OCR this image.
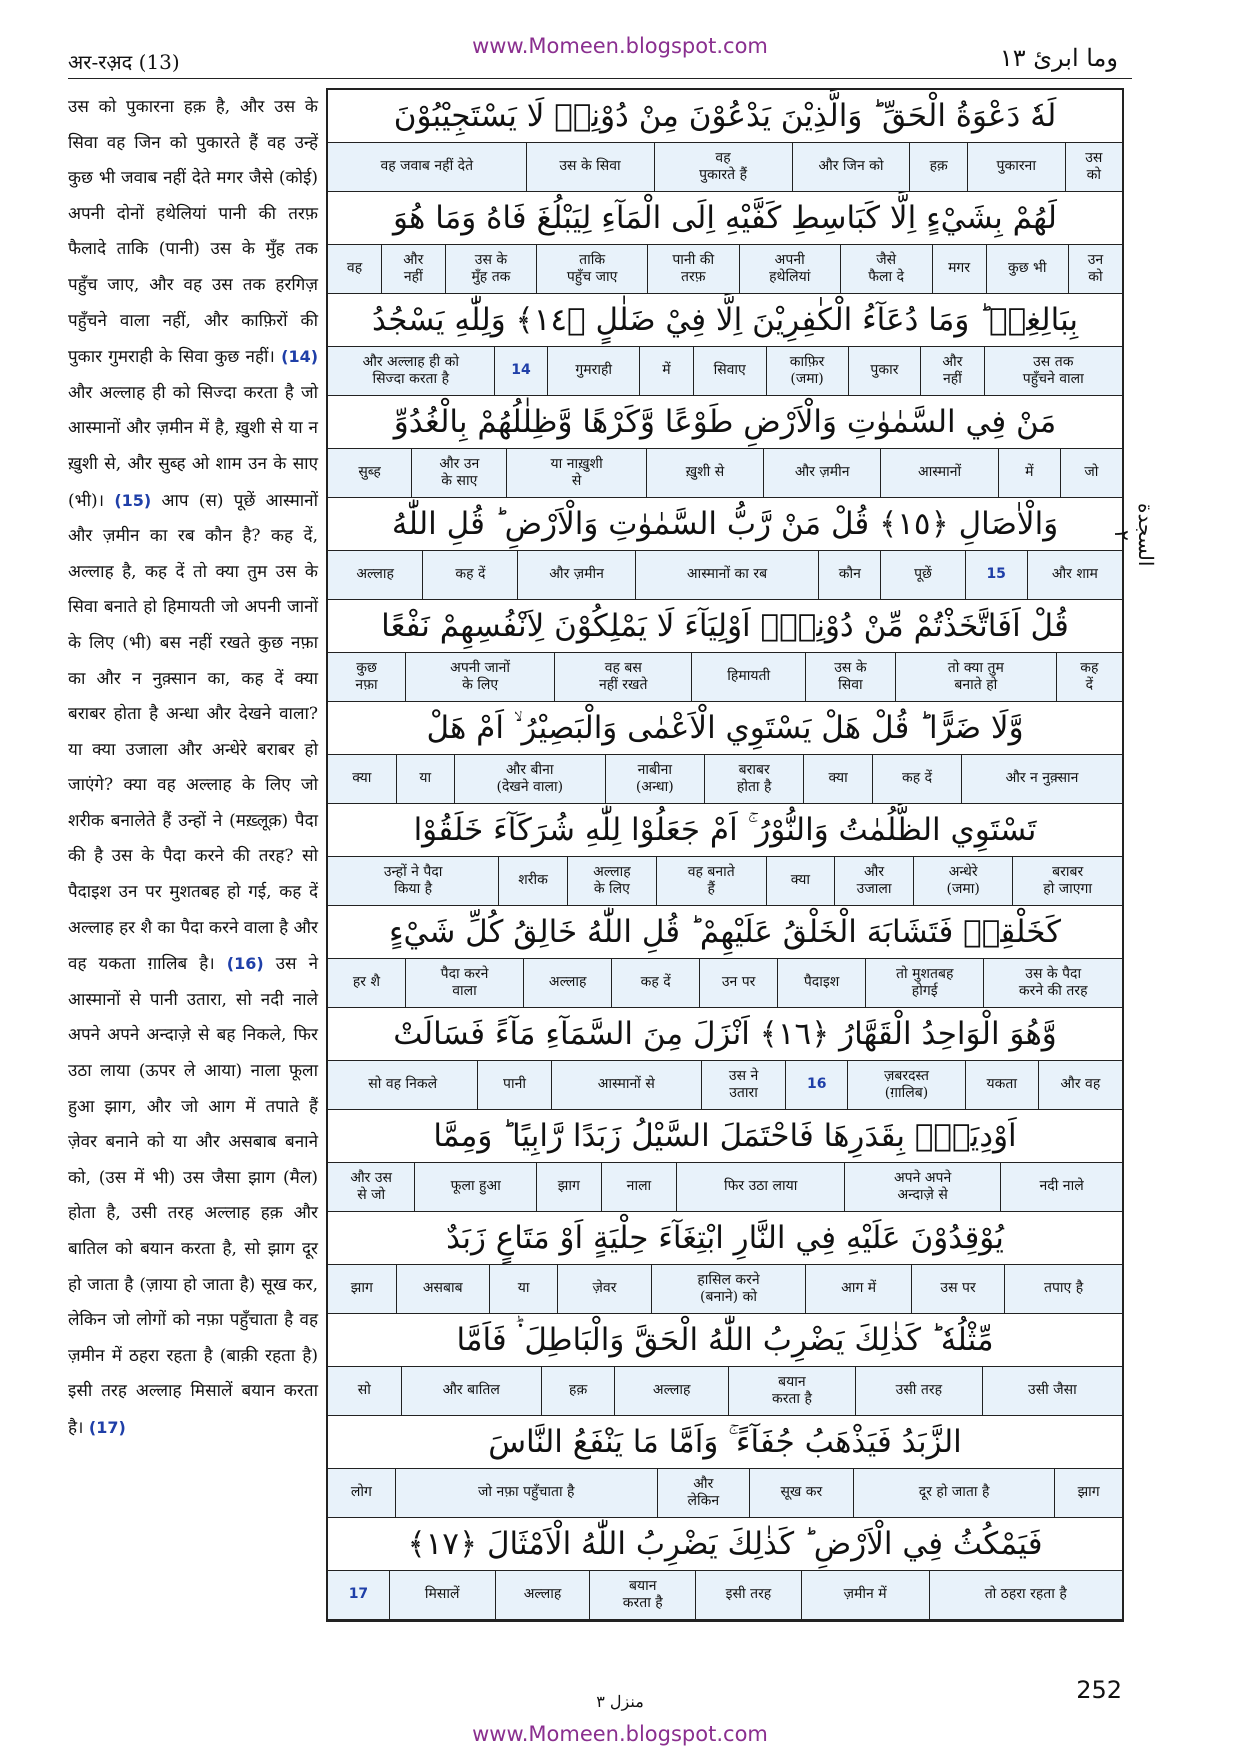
www.Momeen.blogspot.com
अर-रअ़द (13)	وما ابرئ ١٣

उस को पुकारना हक़ है, और उस के सिवा वह जिन को पुकारते हैं वह उन्हें कुछ भी जवाब नहीं देते मगर जैसे (कोई) अपनी दोनों हथेलियां पानी की तरफ़ फैलादे ताकि (पानी) उस के मुँह तक पहुँच जाए, और वह उस तक हरगिज़ पहुँचने वाला नहीं, और काफ़िरों की पुकार गुमराही के सिवा कुछ नहीं। (14) और अल्लाह ही को सिज्दा करता है जो आस्मानों और ज़मीन में है, ख़ुशी से या न ख़ुशी से, और सुब्ह ओ शाम उन के साए (भी)। (15) आप (स) पूछें आस्मानों और ज़मीन का रब कौन है? कह दें, अल्लाह है, कह दें तो क्या तुम उस के सिवा बनाते हो हिमायती जो अपनी जानों के लिए (भी) बस नहीं रखते कुछ नफ़ा का और न नुक़्सान का, कह दें क्या बराबर होता है अन्धा और देखने वाला? या क्या उजाला और अन्धेरे बराबर हो जाएंगे? क्या वह अल्लाह के लिए जो शरीक बनालेते हैं उन्हों ने (मख़्लूक़) पैदा की है उस के पैदा करने की तरह? सो पैदाइश उन पर मुशतबह हो गई, कह दें अल्लाह हर शै का पैदा करने वाला है और वह यकता ग़ालिब है। (16) उस ने आस्मानों से पानी उतारा, सो नदी नाले अपने अपने अन्दाज़े से बह निकले, फिर उठा लाया (ऊपर ले आया) नाला फूला हुआ झाग, और जो आग में तपाते हैं ज़ेवर बनाने को या और असबाब बनाने को, (उस में भी) उस जैसा झाग (मैल) होता है, उसी तरह अल्लाह हक़ और बातिल को बयान करता है, सो झाग दूर हो जाता है (ज़ाया हो जाता है) सूख कर, लेकिन जो लोगों को नफ़ा पहुँचाता है वह ज़मीन में ठहरा रहता है (बाक़ी रहता है) इसी तरह अल्लाह मिसालें बयान करता है। (17)

لَهٗ دَعْوَةُ الْحَقِّ ؕ وَالَّذِيْنَ يَدْعُوْنَ مِنْ دُوْنِهٖ لَا يَسْتَجِيْبُوْنَ
उस
को
पुकारना
हक़
और जिन को
वह
पुकारते हैं
उस के सिवा
वह जवाब नहीं देते
لَهُمْ بِشَيْءٍ اِلَّا كَبَاسِطِ كَفَّيْهِ اِلَى الْمَآءِ لِيَبْلُغَ فَاهُ وَمَا هُوَ
उन
को
कुछ भी
मगर
जैसे
फैला दे
अपनी
हथेलियां
पानी की
तरफ़
ताकि
पहुँच जाए
उस के
मुँह तक
और
नहीं
वह
بِبَالِغِهٖ ؕ وَمَا دُعَآءُ الْكٰفِرِيْنَ اِلَّا فِيْ ضَلٰلٍ ﴿١٤﴾ وَلِلّٰهِ يَسْجُدُ
उस तक
पहुँचने वाला
और
नहीं
पुकार
काफ़िर
(जमा)
सिवाए
में
गुमराही
14
और अल्लाह ही को
सिज्दा करता है
مَنْ فِي السَّمٰوٰتِ وَالْاَرْضِ طَوْعًا وَّكَرْهًا وَّظِلٰلُهُمْ بِالْغُدُوِّ
जो
में
आस्मानों
और ज़मीन
ख़ुशी से
या नाख़ुशी
से
और उन
के साए
सुब्ह
وَالْاٰصَالِ ﴿١٥﴾ قُلْ مَنْ رَّبُّ السَّمٰوٰتِ وَالْاَرْضِ ؕ قُلِ اللّٰهُ
और शाम
15
पूछें
कौन
आस्मानों का रब
और ज़मीन
कह दें
अल्लाह
قُلْ اَفَاتَّخَذْتُمْ مِّنْ دُوْنِهٖۤ اَوْلِيَآءَ لَا يَمْلِكُوْنَ لِاَنْفُسِهِمْ نَفْعًا
कह
दें
तो क्या तुम
बनाते हो
उस के
सिवा
हिमायती
वह बस
नहीं रखते
अपनी जानों
के लिए
कुछ
नफ़ा
وَّلَا ضَرًّا ؕ قُلْ هَلْ يَسْتَوِي الْاَعْمٰى وَالْبَصِيْرُ ۙ اَمْ هَلْ
और न नुक़्सान
कह दें
क्या
बराबर
होता है
नाबीना
(अन्धा)
और बीना
(देखने वाला)
या
क्या
تَسْتَوِي الظُّلُمٰتُ وَالنُّوْرُ ۚ اَمْ جَعَلُوْا لِلّٰهِ شُرَكَآءَ خَلَقُوْا
बराबर
हो जाएगा
अन्धेरे
(जमा)
और
उजाला
क्या
वह बनाते
हैं
अल्लाह
के लिए
शरीक
उन्हों ने पैदा
किया है
كَخَلْقِهٖ فَتَشَابَهَ الْخَلْقُ عَلَيْهِمْ ؕ قُلِ اللّٰهُ خَالِقُ كُلِّ شَيْءٍ
उस के पैदा
करने की तरह
तो मुशतबह
होगई
पैदाइश
उन पर
कह दें
अल्लाह
पैदा करने
वाला
हर शै
وَّهُوَ الْوَاحِدُ الْقَهَّارُ ﴿١٦﴾ اَنْزَلَ مِنَ السَّمَآءِ مَآءً فَسَالَتْ
और वह
यकता
ज़बरदस्त
(ग़ालिब)
16
उस ने
उतारा
आस्मानों से
पानी
सो वह निकले
اَوْدِيَةٌۢ بِقَدَرِهَا فَاحْتَمَلَ السَّيْلُ زَبَدًا رَّابِيًا ؕ وَمِمَّا
नदी नाले
अपने अपने
अन्दाज़े से
फिर उठा लाया
नाला
झाग
फूला हुआ
और उस
से जो
يُوْقِدُوْنَ عَلَيْهِ فِي النَّارِ ابْتِغَآءَ حِلْيَةٍ اَوْ مَتَاعٍ زَبَدٌ
तपाए है
उस पर
आग में
हासिल करने
(बनाने) को
ज़ेवर
या
असबाब
झाग
مِّثْلُهٗ ؕ كَذٰلِكَ يَضْرِبُ اللّٰهُ الْحَقَّ وَالْبَاطِلَ ۬ؕ فَاَمَّا
उसी जैसा
उसी तरह
बयान
करता है
अल्लाह
हक़
और बातिल
सो
الزَّبَدُ فَيَذْهَبُ جُفَآءً ۚ وَاَمَّا مَا يَنْفَعُ النَّاسَ
झाग
दूर हो जाता है
सूख कर
और
लेकिन
जो नफ़ा पहुँचाता है
लोग
فَيَمْكُثُ فِي الْاَرْضِ ؕ كَذٰلِكَ يَضْرِبُ اللّٰهُ الْاَمْثَالَ ﴿١٧﴾
तो ठहरा रहता है
ज़मीन में
इसी तरह
बयान
करता है
अल्लाह
मिसालें
17
السجدة ٢
منزل ٣	252
www.Momeen.blogspot.com
